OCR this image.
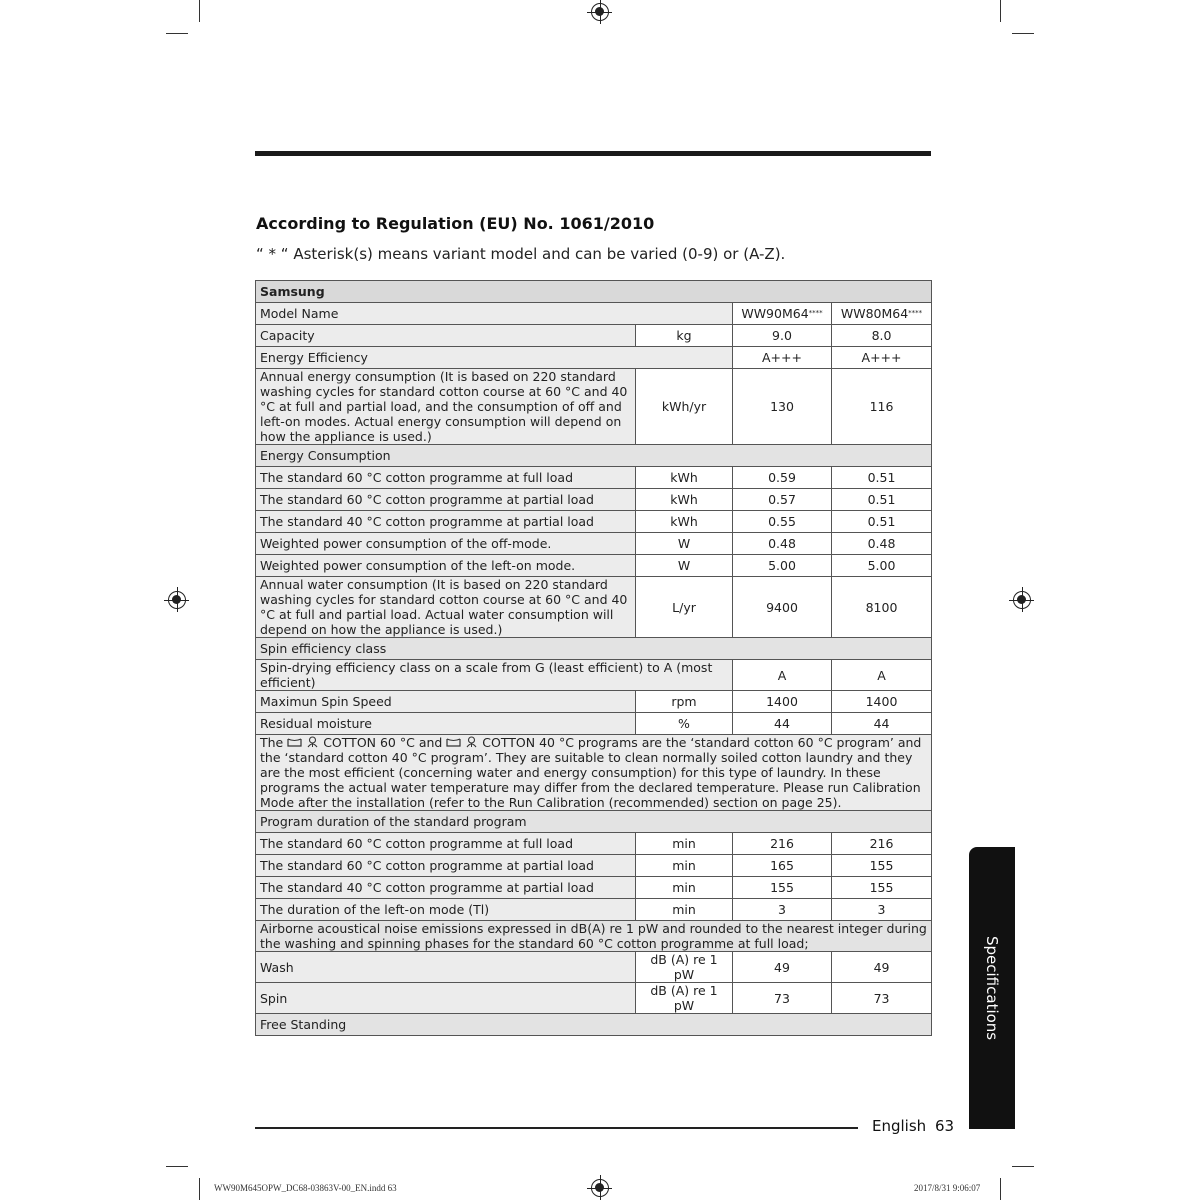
According to Regulation (EU) No. 1061/2010
“ * “ Asterisk(s) means variant model and can be varied (0-9) or (A-Z).
Samsung			
Model Name		WW90M64****	WW80M64****
Capacity	kg	9.0	8.0
Energy Efficiency		A+++	A+++
Annual energy consumption (It is based on 220 standard washing cycles for standard cotton course at 60 °C and 40 °C at full and partial load, and the consumption of off and left-on modes. Actual energy consumption will depend on how the appliance is used.)	kWh/yr	130	116
Energy Consumption			
The standard 60 °C cotton programme at full load	kWh	0.59	0.51
The standard 60 °C cotton programme at partial load	kWh	0.57	0.51
The standard 40 °C cotton programme at partial load	kWh	0.55	0.51
Weighted power consumption of the off-mode.	W	0.48	0.48
Weighted power consumption of the left-on mode.	W	5.00	5.00
Annual water consumption (It is based on 220 standard washing cycles for standard cotton course at 60 °C and 40 °C at full and partial load. Actual water consumption will depend on how the appliance is used.)	L/yr	9400	8100
Spin efficiency class			
Spin-drying efficiency class on a scale from G (least efficient) to A (most efficient)		A	A
Maximun Spin Speed	rpm	1400	1400
Residual moisture	%	44	44
The COTTON 60 °C and COTTON 40 °C programs are the ‘standard cotton 60 °C program’ and the ‘standard cotton 40 °C program’. They are suitable to clean normally soiled cotton laundry and they are the most efficient (concerning water and energy consumption) for this type of laundry. In these programs the actual water temperature may differ from the declared temperature. Please run Calibration Mode after the installation (refer to the Run Calibration (recommended) section on page 25).			
Program duration of the standard program			
The standard 60 °C cotton programme at full load	min	216	216
The standard 60 °C cotton programme at partial load	min	165	155
The standard 40 °C cotton programme at partial load	min	155	155
The duration of the left-on mode (Tl)	min	3	3
Airborne acoustical noise emissions expressed in dB(A) re 1 pW and rounded to the nearest integer during the washing and spinning phases for the standard 60 °C cotton programme at full load;			
Wash	dB (A) re 1 pW	49	49
Spin	dB (A) re 1 pW	73	73
Free Standing				Specifications
English 63
WW90M645OPW_DC68-03863V-00_EN.indd 63	2017/8/31 9:06:07
